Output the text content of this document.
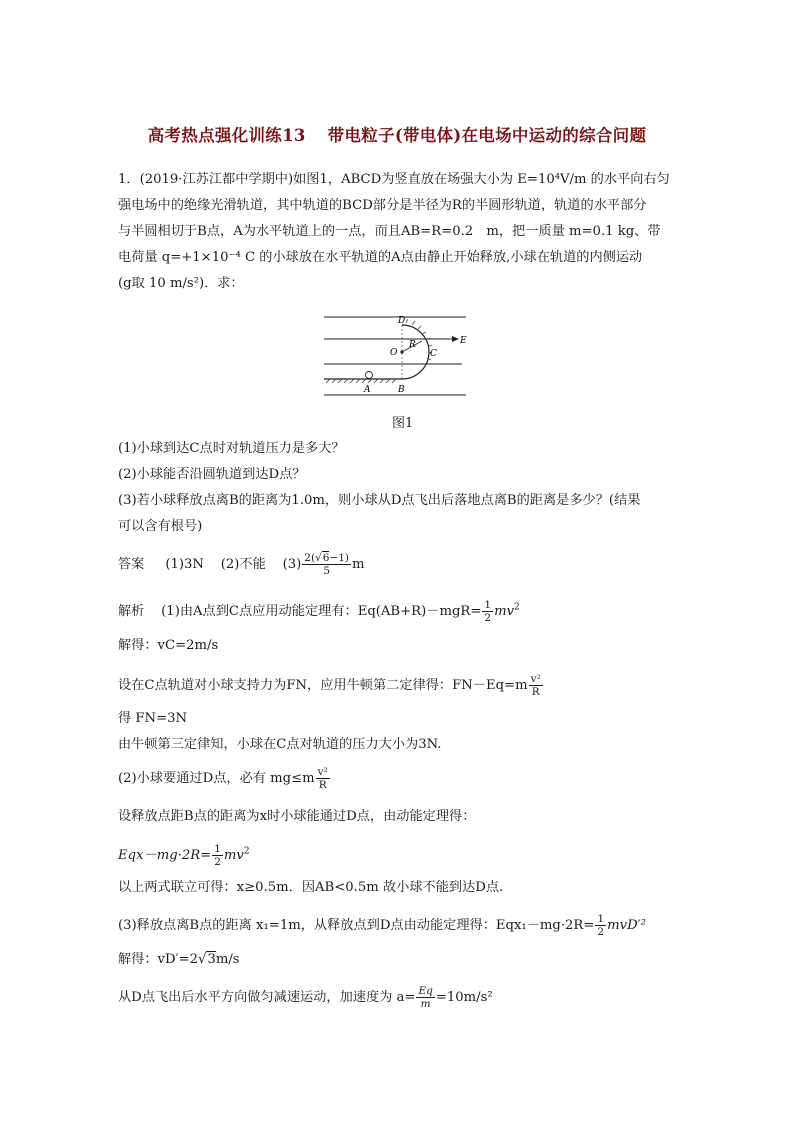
高考热点强化训练13 带电粒子(带电体)在电场中运动的综合问题
1．(2019·江苏江都中学期中)如图1，ABCD为竖直放在场强大小为 E=10⁴V/m 的水平向右匀
强电场中的绝缘光滑轨道，其中轨道的BCD部分是半径为R的半圆形轨道，轨道的水平部分
与半圆相切于B点，A为水平轨道上的一点，而且AB=R=0.2　m，把一质量 m=0.1 kg、带
电荷量 q=+1×10⁻⁴ C 的小球放在水平轨道的A点由静止开始释放,小球在轨道的内侧运动
(g取 10 m/s²)．求：
D
C
O
R
A	B
E
图1
(1)小球到达C点时对轨道压力是多大？
(2)小球能否沿圆轨道到达D点？
(3)若小球释放点离B的距离为1.0m，则小球从D点飞出后落地点离B的距离是多少？(结果
可以含有根号)
答案 (1)3N (2)不能 $(3) \frac{2(√6-1)}{5}$ m
解析 (1)由A点到C点应用动能定理有：$Eq(AB+R)-mgR= \frac{1}{2} mv^2$
解得：vC=2m/s
设在C点轨道对小球支持力为FN，应用牛顿第二定律得：$FN-Eq=m \frac{\text{v²}}{R}$
得 FN=3N
由牛顿第三定律知，小球在C点对轨道的压力大小为3N.
(2)小球要通过D点，必有 $mg\le m \frac{\text{v²}}{R}$
设释放点距B点的距离为x时小球能通过D点，由动能定理得：
$Eqx-mg\cdot 2R= \frac{1}{2} mv^2$
以上两式联立可得：x≥0.5m．因AB<0.5m 故小球不能到达D点.
(3)释放点离B点的距离 x₁=1m，从释放点到D点由动能定理得：$Eqx_1-mg\cdot 2R= \frac{1}{2} mvD'^2$
解得：vD′=2√3m/s
从D点飞出后水平方向做匀减速运动，加速度为 $a= \frac{Eq}{m} =10m/s^2$
